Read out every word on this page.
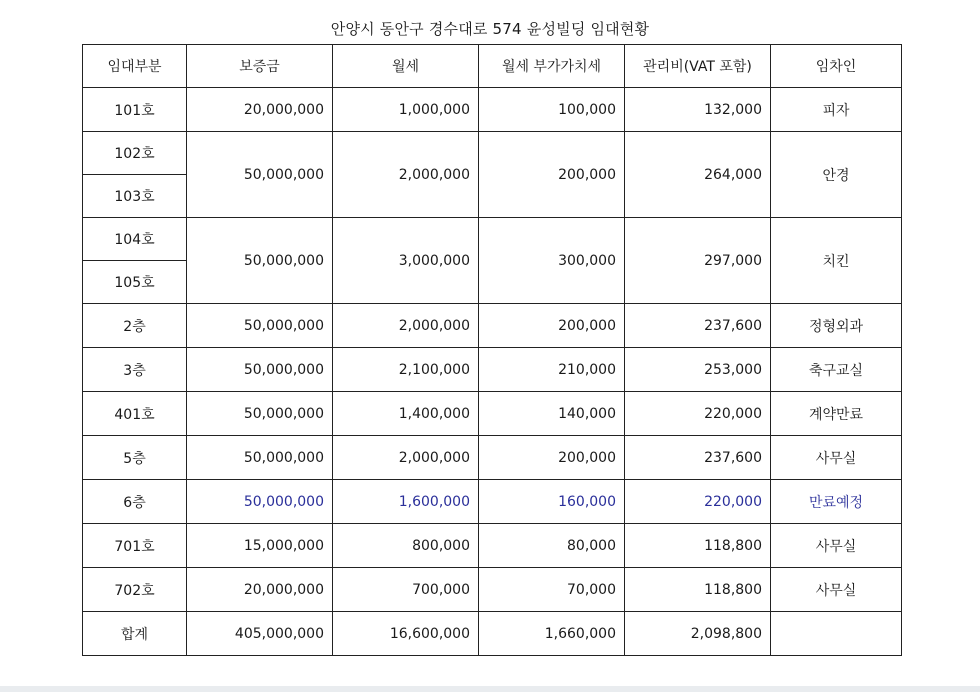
안양시 동안구 경수대로 574 윤성빌딩 임대현황
임대부분	보증금	월세	월세 부가가치세	관리비(VAT 포함)	임차인
101호	20,000,000	1,000,000	100,000	132,000	피자
102호	50,000,000	2,000,000	200,000	264,000	안경
103호					
104호	50,000,000	3,000,000	300,000	297,000	치킨
105호					
2층	50,000,000	2,000,000	200,000	237,600	정형외과
3층	50,000,000	2,100,000	210,000	253,000	축구교실
401호	50,000,000	1,400,000	140,000	220,000	계약만료
5층	50,000,000	2,000,000	200,000	237,600	사무실
6층	50,000,000	1,600,000	160,000	220,000	만료예정
701호	15,000,000	800,000	80,000	118,800	사무실
702호	20,000,000	700,000	70,000	118,800	사무실
합계	405,000,000	16,600,000	1,660,000	2,098,800	
